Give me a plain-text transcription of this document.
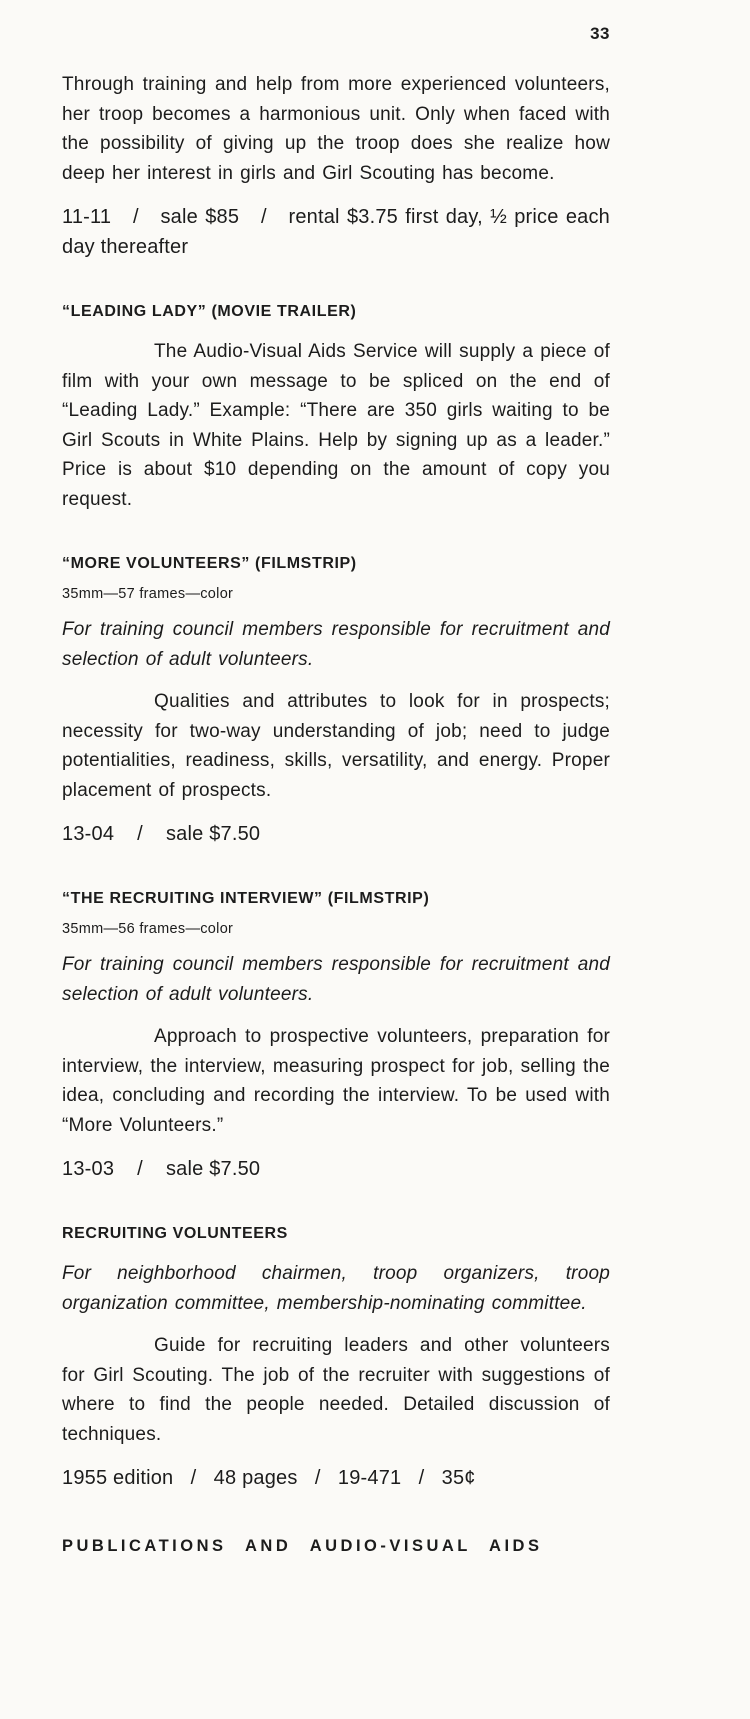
33

Through training and help from more experienced volunteers, her troop becomes a harmonious unit. Only when faced with the possibility of giving up the troop does she realize how deep her interest in girls and Girl Scouting has become.

11-11   /   sale $85   /   rental $3.75 first day, ½ price each day thereafter

“LEADING LADY” (MOVIE TRAILER)

The Audio-Visual Aids Service will supply a piece of film with your own message to be spliced on the end of “Leading Lady.” Example: “There are 350 girls waiting to be Girl Scouts in White Plains. Help by signing up as a leader.” Price is about $10 depending on the amount of copy you request.

“MORE VOLUNTEERS” (FILMSTRIP)

35mm—57 frames—color

For training council members responsible for recruitment and selection of adult volunteers.

Qualities and attributes to look for in prospects; necessity for two-way understanding of job; need to judge potentialities, readiness, skills, versatility, and energy. Proper placement of prospects.

13-04    /    sale $7.50

“THE RECRUITING INTERVIEW” (FILMSTRIP)

35mm—56 frames—color

For training council members responsible for recruitment and selection of adult volunteers.

Approach to prospective volunteers, preparation for interview, the interview, measuring prospect for job, selling the idea, concluding and recording the interview. To be used with “More Volunteers.”

13-03    /    sale $7.50

RECRUITING VOLUNTEERS

For neighborhood chairmen, troop organizers, troop organization committee, membership-nominating committee.

Guide for recruiting leaders and other volunteers for Girl Scouting. The job of the recruiter with suggestions of where to find the people needed. Detailed discussion of techniques.

1955 edition   /   48 pages   /   19-471   /   35¢

PUBLICATIONS AND AUDIO-VISUAL AIDS
